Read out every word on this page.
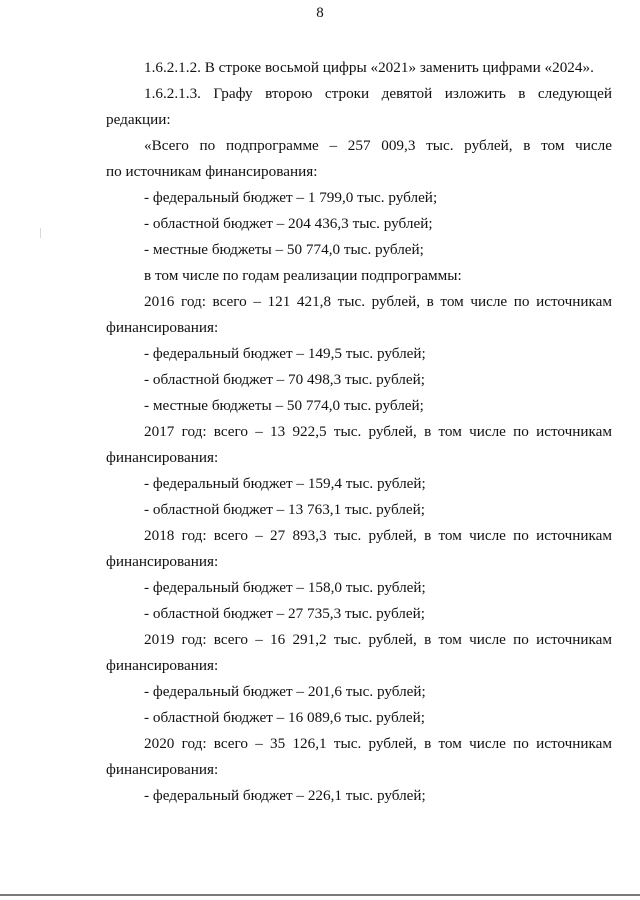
8
1.6.2.1.2. В строке восьмой цифры «2021» заменить цифрами «2024».
1.6.2.1.3. Графу второю строки девятой изложить в следующей
редакции:
«Всего по подпрограмме – 257 009,3 тыс. рублей, в том числе
по источникам финансирования:
- федеральный бюджет – 1 799,0 тыс. рублей;
- областной бюджет – 204 436,3 тыс. рублей;
- местные бюджеты – 50 774,0 тыс. рублей;
в том числе по годам реализации подпрограммы:
2016 год: всего – 121 421,8 тыс. рублей, в том числе по источникам
финансирования:
- федеральный бюджет – 149,5 тыс. рублей;
- областной бюджет – 70 498,3 тыс. рублей;
- местные бюджеты – 50 774,0 тыс. рублей;
2017 год: всего – 13 922,5 тыс. рублей, в том числе по источникам
финансирования:
- федеральный бюджет – 159,4 тыс. рублей;
- областной бюджет – 13 763,1 тыс. рублей;
2018 год: всего – 27 893,3 тыс. рублей, в том числе по источникам
финансирования:
- федеральный бюджет – 158,0 тыс. рублей;
- областной бюджет – 27 735,3 тыс. рублей;
2019 год: всего – 16 291,2 тыс. рублей, в том числе по источникам
финансирования:
- федеральный бюджет – 201,6 тыс. рублей;
- областной бюджет – 16 089,6 тыс. рублей;
2020 год: всего – 35 126,1 тыс. рублей, в том числе по источникам
финансирования:
- федеральный бюджет – 226,1 тыс. рублей;
